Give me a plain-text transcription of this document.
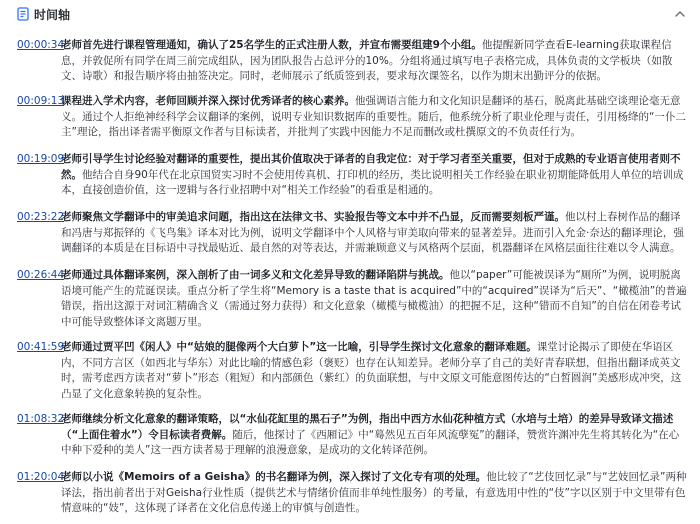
时间轴
00:00:34

老师首先进行课程管理通知，确认了25名学生的正式注册人数，并宣布需要组建9个小组。他提醒新同学查看E-learning获取课程信息，并敦促所有同学在周三前完成组队，因为团队报告占总评分的10%。分组将通过填写电子表格完成，具体负责的文学板块（如散文、诗歌）和报告顺序将由抽签决定。同时，老师展示了纸质签到表，要求每次课签名，以作为期末出勤评分的依据。

00:09:13

课程进入学术内容，老师回顾并深入探讨优秀译者的核心素养。他强调语言能力和文化知识是翻译的基石，脱离此基础空谈理论毫无意义。通过个人拒绝神经科学会议翻译的案例，说明专业知识数据库的重要性。随后，他系统分析了职业伦理与责任，引用杨绛的“一仆二主”理论，指出译者需平衡原文作者与目标读者，并批判了实践中因能力不足而删改或杜撰原文的不负责任行为。

00:19:09

老师引导学生讨论经验对翻译的重要性，提出其价值取决于译者的自我定位：对于学习者至关重要，但对于成熟的专业语言使用者则不然。他结合自身90年代在北京国贸实习时不会使用传真机、打印机的经历，类比说明相关工作经验在职业初期能降低用人单位的培训成本，直接创造价值，这一逻辑与各行业招聘中对“相关工作经验”的看重是相通的。

00:23:22

老师聚焦文学翻译中的审美追求问题，指出这在法律文书、实验报告等文本中并不凸显，反而需要刻板严谨。他以村上春树作品的翻译和冯唐与郑振铎的《飞鸟集》译本对比为例，说明文学翻译中个人风格与审美取向带来的显著差异。进而引入允金·奈达的翻译理论，强调翻译的本质是在目标语中寻找最贴近、最自然的对等表达，并需兼顾意义与风格两个层面，机器翻译在风格层面往往难以令人满意。

00:26:44

老师通过具体翻译案例，深入剖析了由一词多义和文化差异导致的翻译陷阱与挑战。他以“paper”可能被误译为“厕所”为例，说明脱离语境可能产生的荒诞误读。重点分析了学生将“Memory is a taste that is acquired”中的“acquired”误译为“后天”、“橄榄油”的普遍错误，指出这源于对词汇精确含义（需通过努力获得）和文化意象（橄榄与橄榄油）的把握不足，这种“错而不自知”的自信在闭卷考试中可能导致整体译文离题万里。

00:41:59

老师通过贾平凹《闲人》中“姑娘的腿像两个大白萝卜”这一比喻，引导学生探讨文化意象的翻译难题。课堂讨论揭示了即使在华语区内，不同方言区（如西北与华东）对此比喻的情感色彩（褒贬）也存在认知差异。老师分享了自己的美好青春联想，但指出翻译成英文时，需考虑西方读者对“萝卜”形态（粗短）和内部颜色（紫红）的负面联想，与中文原文可能意图传达的“白皙圆润”美感形成冲突，这凸显了文化意象转换的复杂性。

01:08:32

老师继续分析文化意象的翻译策略，以“水仙花缸里的黑石子”为例，指出中西方水仙花种植方式（水培与土培）的差异导致译文描述（“上面住着水”）令目标读者费解。随后，他探讨了《西厢记》中“蓦然见五百年风流孽冤”的翻译，赞赏许渊冲先生将其转化为“在心中种下爱种的美人”这一西方读者易于理解的浪漫意象，是成功的文化转译范例。

01:20:04

老师以小说《Memoirs of a Geisha》的书名翻译为例，深入探讨了文化专有项的处理。他比较了“艺伎回忆录”与“艺妓回忆录”两种译法，指出前者出于对Geisha行业性质（提供艺术与情绪价值而非单纯性服务）的考量，有意选用中性的“伎”字以区别于中文里带有色情意味的“妓”，这体现了译者在文化信息传递上的审慎与创造性。
